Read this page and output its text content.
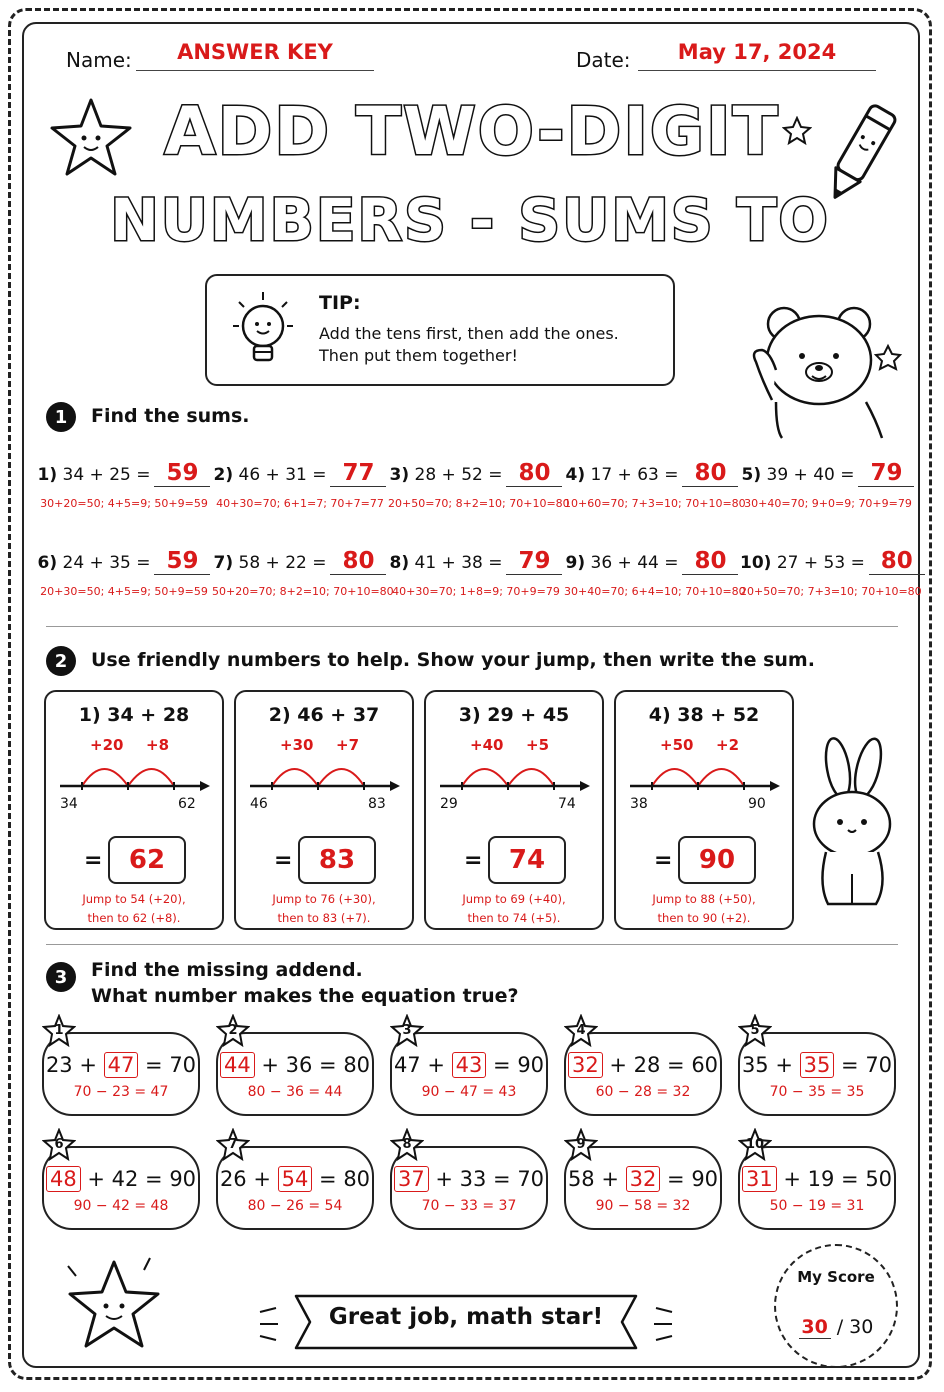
Name:	ANSWER KEY	Date:	May 17, 2024
ADD TWO-DIGIT
NUMBERS - SUMS TO
TIP:
Add the tens first, then add the ones.
Then put them together!
1	Find the sums.
1) 34 + 25 = 59
30+20=50; 4+5=9; 50+9=59
2) 46 + 31 = 77
40+30=70; 6+1=7; 70+7=77
3) 28 + 52 = 80
20+50=70; 8+2=10; 70+10=80
4) 17 + 63 = 80
10+60=70; 7+3=10; 70+10=80
5) 39 + 40 = 79
30+40=70; 9+0=9; 70+9=79
6) 24 + 35 = 59
20+30=50; 4+5=9; 50+9=59
7) 58 + 22 = 80
50+20=70; 8+2=10; 70+10=80
8) 41 + 38 = 79
40+30=70; 1+8=9; 70+9=79
9) 36 + 44 = 80
30+40=70; 6+4=10; 70+10=80
10) 27 + 53 = 80
20+50=70; 7+3=10; 70+10=80
2	Use friendly numbers to help. Show your jump, then write the sum.
1) 34 + 28
+20 +8
34	62
=	62
Jump to 54 (+20),
then to 62 (+8).
2) 46 + 37
+30 +7
46	83
=	83
Jump to 76 (+30),
then to 83 (+7).
3) 29 + 45
+40 +5
29	74
=	74
Jump to 69 (+40),
then to 74 (+5).
4) 38 + 52
+50 +2
38	90
=	90
Jump to 88 (+50),
then to 90 (+2).
3	Find the missing addend.
What number makes the equation true?
23 + 47 = 70
70 − 23 = 47
1
44 + 36 = 80
80 − 36 = 44
2
47 + 43 = 90
90 − 47 = 43
3
32 + 28 = 60
60 − 28 = 32
4
35 + 35 = 70
70 − 35 = 35
5
48 + 42 = 90
90 − 42 = 48
6
26 + 54 = 80
80 − 26 = 54
7
37 + 33 = 70
70 − 33 = 37
8
58 + 32 = 90
90 − 58 = 32
9
31 + 19 = 50
50 − 19 = 31
10
Great job, math star!
My Score
30 / 30
